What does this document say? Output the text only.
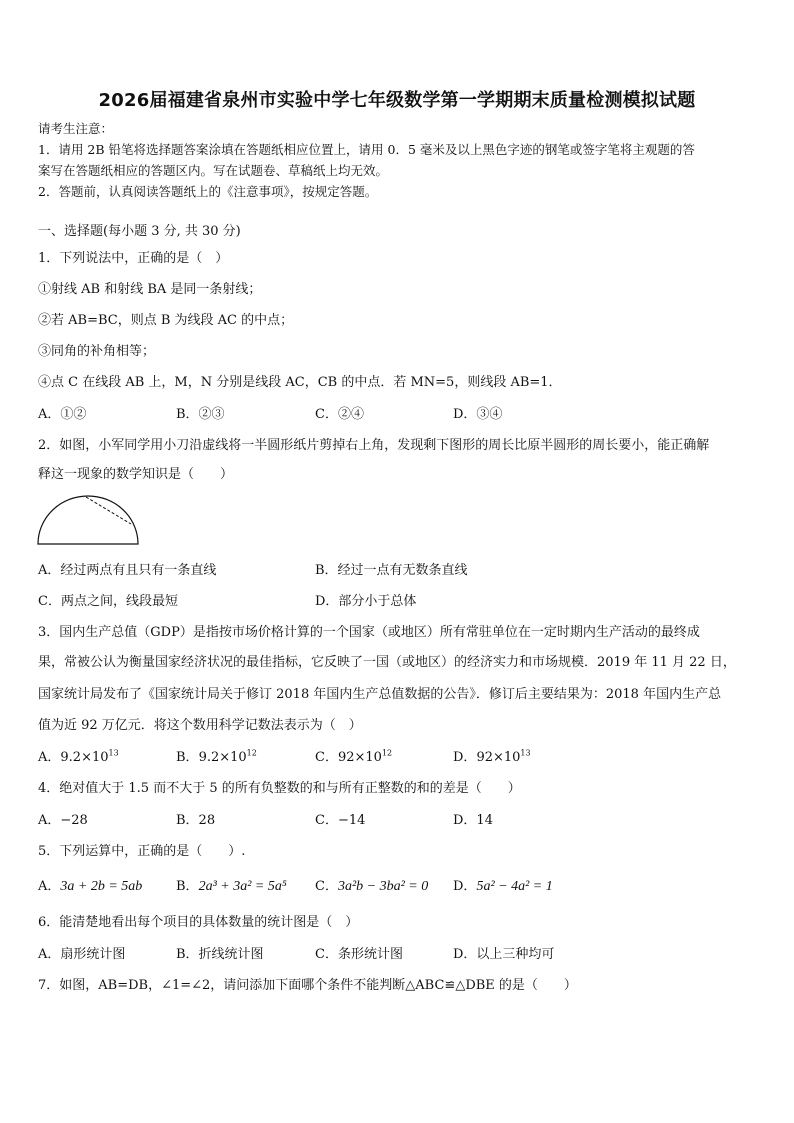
2026届福建省泉州市实验中学七年级数学第一学期期末质量检测模拟试题
请考生注意：
1．请用 2B 铅笔将选择题答案涂填在答题纸相应位置上，请用 0．5 毫米及以上黑色字迹的钢笔或签字笔将主观题的答
案写在答题纸相应的答题区内。写在试题卷、草稿纸上均无效。
2．答题前，认真阅读答题纸上的《注意事项》，按规定答题。
一、选择题(每小题 3 分, 共 30 分)
1．下列说法中，正确的是（　）
①射线 AB 和射线 BA 是同一条射线；
②若 AB=BC，则点 B 为线段 AC 的中点；
③同角的补角相等；
④点 C 在线段 AB 上，M，N 分别是线段 AC，CB 的中点．若 MN=5，则线段 AB=1．
A．①②	B．②③	C．②④	D．③④
2．如图，小军同学用小刀沿虚线将一半圆形纸片剪掉右上角，发现剩下图形的周长比原半圆形的周长要小，能正确解
释这一现象的数学知识是（　　）
A．经过两点有且只有一条直线	B．经过一点有无数条直线
C．两点之间，线段最短	D．部分小于总体
3．国内生产总值（GDP）是指按市场价格计算的一个国家（或地区）所有常驻单位在一定时期内生产活动的最终成
果，常被公认为衡量国家经济状况的最佳指标，它反映了一国（或地区）的经济实力和市场规模．2019 年 11 月 22 日，
国家统计局发布了《国家统计局关于修订 2018 年国内生产总值数据的公告》．修订后主要结果为：2018 年国内生产总
值为近 92 万亿元．将这个数用科学记数法表示为（　）
A．$9.2\times 10^{13}$	B．$9.2\times 10^{12}$	C．$92\times 10^{12}$	D．$92\times 10^{13}$
4．绝对值大于 1.5 而不大于 5 的所有负整数的和与所有正整数的和的差是（　　）
A．−28	B．28	C．−14	D．14
5．下列运算中，正确的是（　　）.
A．3a + 2b = 5ab	B．2a³ + 3a² = 5a⁵ C．3a²b − 3ba² = 0 D．5a² − 4a² = 1
6．能清楚地看出每个项目的具体数量的统计图是（　）
A．扇形统计图	B．折线统计图	C．条形统计图	D．以上三种均可
7．如图，AB=DB，∠1=∠2，请问添加下面哪个条件不能判断△ABC≌△DBE 的是（　　）
